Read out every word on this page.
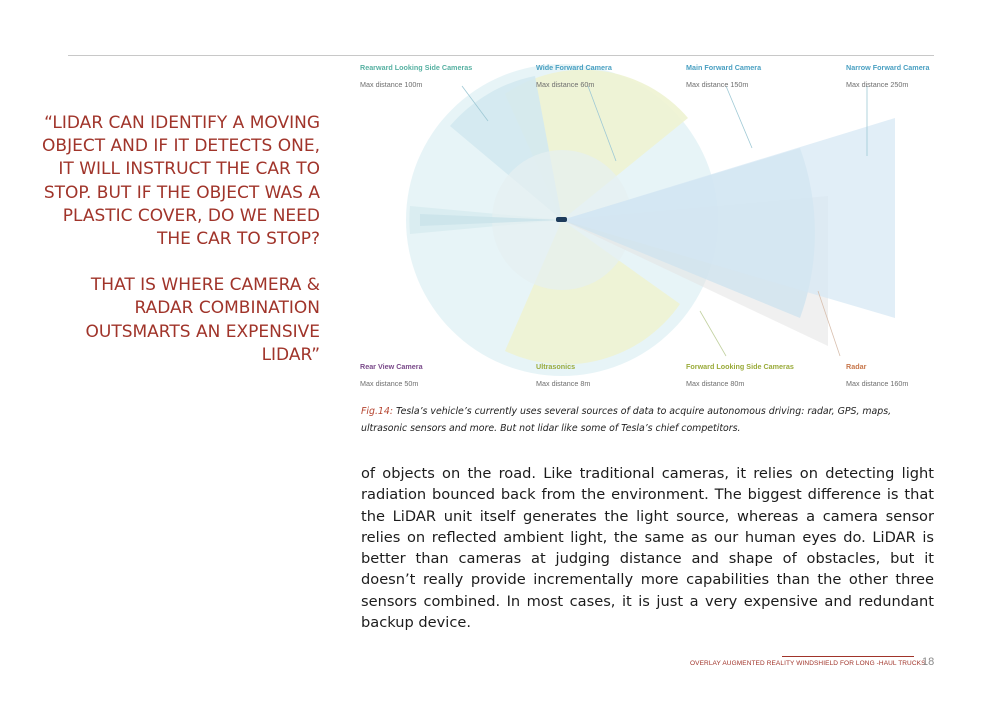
“LIDAR CAN IDENTIFY A MOVING OBJECT AND IF IT DETECTS ONE, IT WILL INSTRUCT THE CAR TO STOP. BUT IF THE OBJECT WAS A PLASTIC COVER, DO WE NEED THE CAR TO STOP?

THAT IS WHERE CAMERA & RADAR COMBINATION OUTSMARTS AN EXPENSIVE LIDAR”

Rearward Looking Side Cameras
Max distance 100m
Wide Forward Camera
Max distance 60m
Main Forward Camera
Max distance 150m
Narrow Forward Camera
Max distance 250m
Rear View Camera
Max distance 50m
Ultrasonics
Max distance 8m
Forward Looking Side Cameras
Max distance 80m
Radar
Max distance 160m
Fig.14: Tesla’s vehicle’s currently uses several sources of data to acquire autonomous driving: radar, GPS, maps, ultrasonic sensors and more. But not lidar like some of Tesla’s chief competitors.

of objects on the road. Like traditional cameras, it relies on detecting light radiation bounced back from the environment. The biggest difference is that the LiDAR unit itself generates the light source, whereas a camera sensor relies on reflected ambient light, the same as our human eyes do. LiDAR is better than cameras at judging distance and shape of obstacles, but it doesn’t really provide incrementally more capabilities than the other three sensors combined. In most cases, it is just a very expensive and redundant backup device.

OVERLAY AUGMENTED REALITY WINDSHIELD FOR LONG -HAUL TRUCKS
18
